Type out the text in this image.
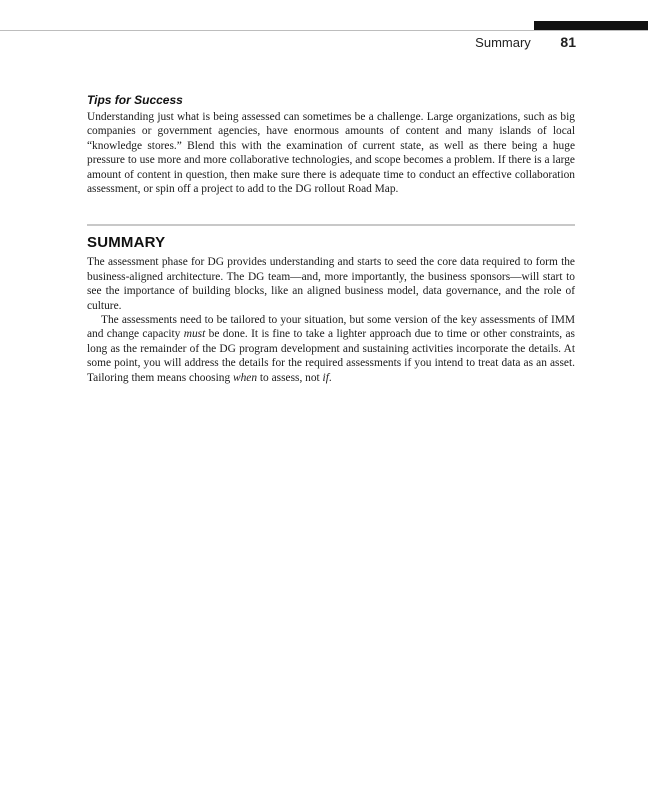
Summary 81
Tips for Success

Understanding just what is being assessed can sometimes be a challenge. Large organizations, such as big companies or government agencies, have enormous amounts of content and many islands of local “knowledge stores.” Blend this with the examination of current state, as well as there being a huge pressure to use more and more collaborative technologies, and scope becomes a problem. If there is a large amount of content in question, then make sure there is adequate time to conduct an effective collaboration assessment, or spin off a project to add to the DG rollout Road Map.

SUMMARY

The assessment phase for DG provides understanding and starts to seed the core data required to form the business-aligned architecture. The DG team—and, more importantly, the business sponsors—will start to see the importance of building blocks, like an aligned business model, data governance, and the role of culture.

The assessments need to be tailored to your situation, but some version of the key assessments of IMM and change capacity must be done. It is fine to take a lighter approach due to time or other constraints, as long as the remainder of the DG program development and sustaining activities incorporate the details. At some point, you will address the details for the required assessments if you intend to treat data as an asset. Tailoring them means choosing when to assess, not if.
